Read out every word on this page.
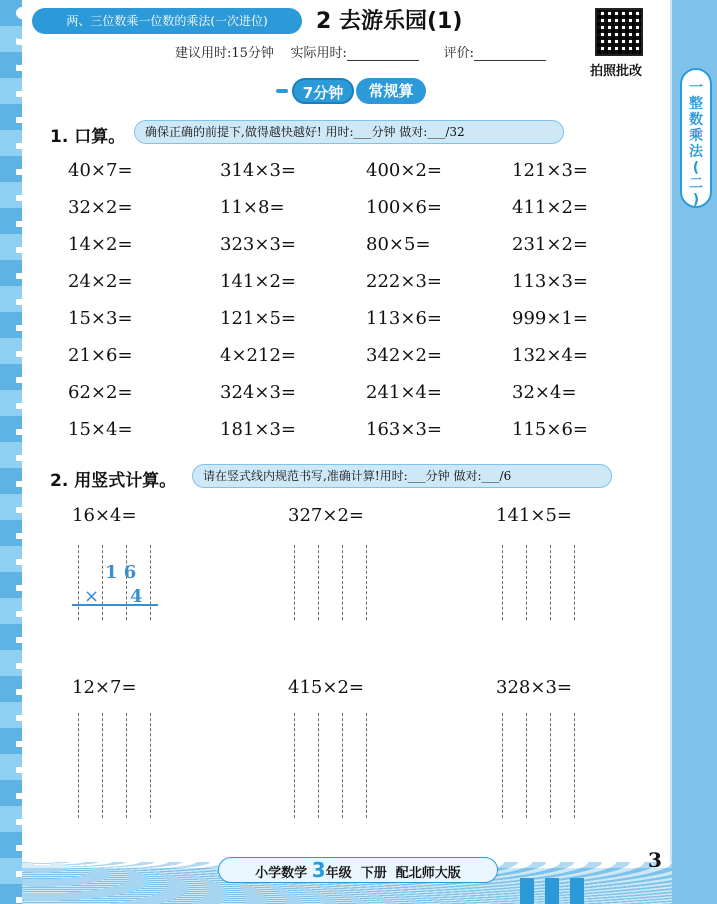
两、三位数乘一位数的乘法(一次进位)	2 去游乐园(1)
建议用时:15分钟 实际用时:	评价:
拍照批改
7分钟	常规算
1. 口算。	确保正确的前提下,做得越快越好! 用时:___分钟 做对:___/32
40×7=	314×3=	400×2=	121×3=
32×2=	11×8=	100×6=	411×2=
14×2=	323×3=	80×5=	231×2=
24×2=	141×2=	222×3=	113×3=
15×3=	121×5=	113×6=	999×1=
21×6=	4×212=	342×2=	132×4=
62×2=	324×3=	241×4=	32×4=
15×4=	181×3=	163×3=	115×6=
2. 用竖式计算。	请在竖式线内规范书写,准确计算!用时:___分钟 做对:___/6
16×4=	327×2=	141×5=
12×7=	415×2=	328×3=
1 6
× 4
一
整
数
乘
法
(
二
)
小学数学 3年级 下册 配北师大版
3
